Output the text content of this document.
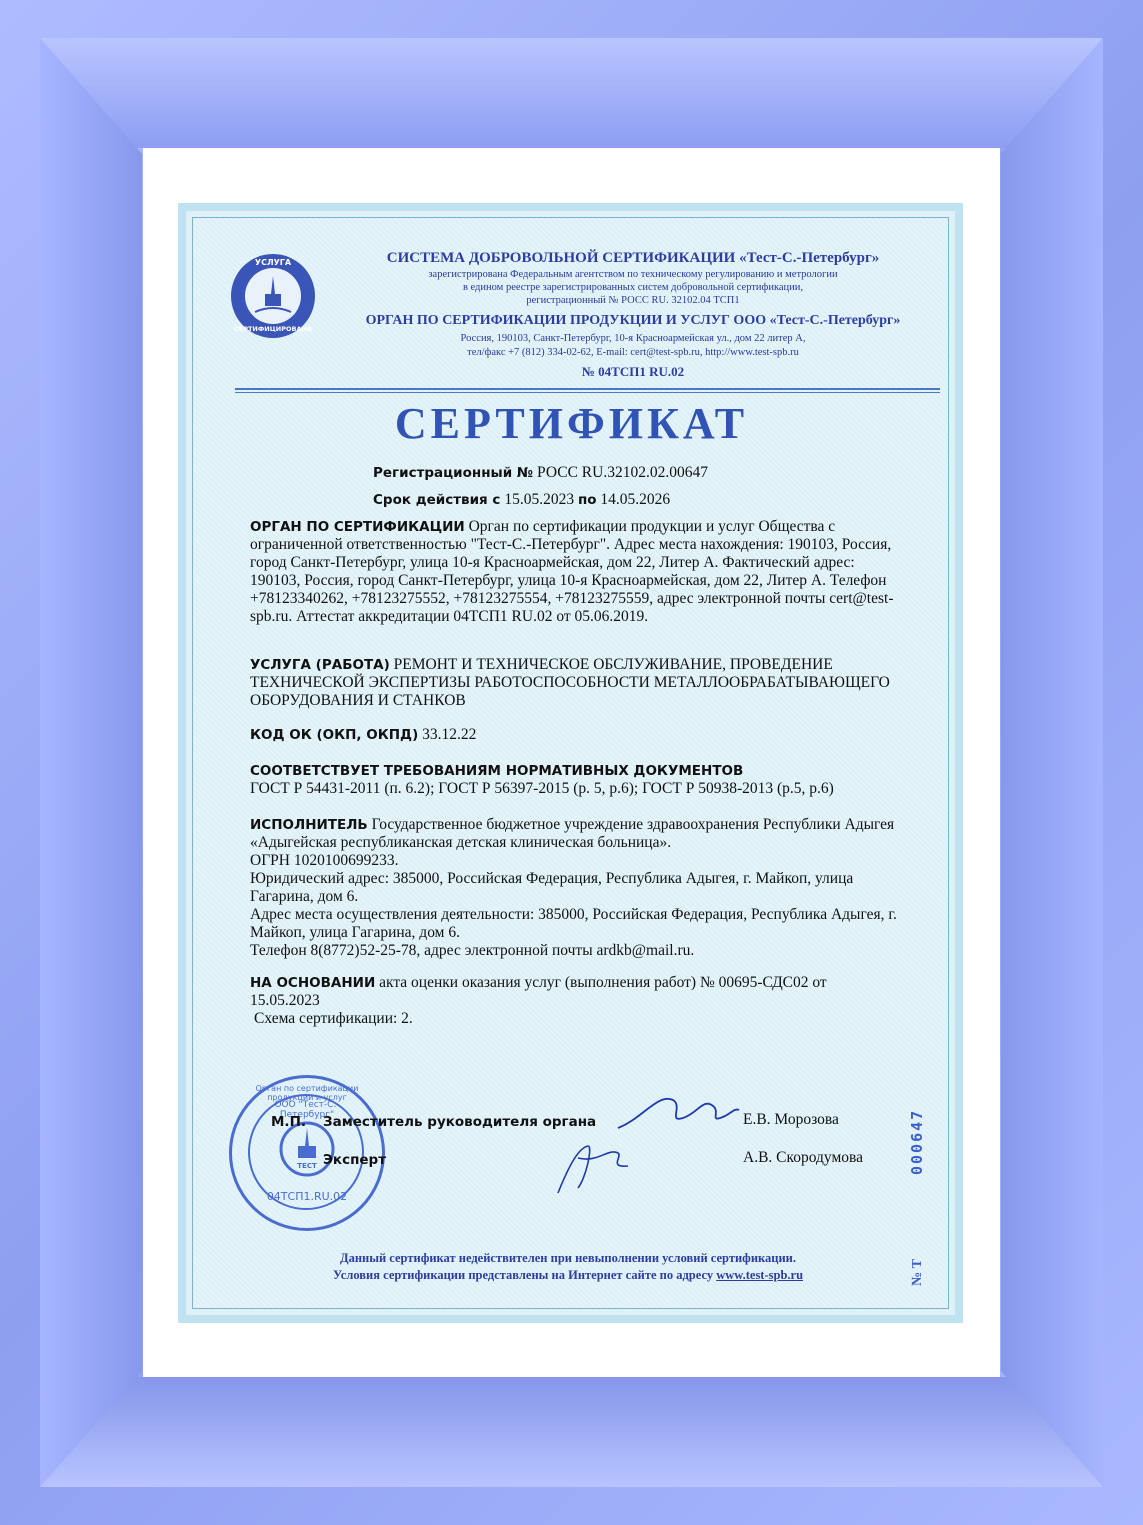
УСЛУГА
СЕРТИФИЦИРОВАНА
СИСТЕМА ДОБРОВОЛЬНОЙ СЕРТИФИКАЦИИ «Тест-С.-Петербург»
зарегистрирована Федеральным агентством по техническому регулированию и метрологии
в едином реестре зарегистрированных систем добровольной сертификации,
регистрационный № РОСС RU. 32102.04 ТСП1
ОРГАН ПО СЕРТИФИКАЦИИ ПРОДУКЦИИ И УСЛУГ ООО «Тест-С.-Петербург»
Россия, 190103, Санкт-Петербург, 10-я Красноармейская ул., дом 22 литер А,
тел/факс +7 (812) 334-02-62, E-mail: cert@test-spb.ru, http://www.test-spb.ru
№ 04ТСП1 RU.02
СЕРТИФИКАТ
Регистрационный № РОСС RU.32102.02.00647
Срок действия с 15.05.2023 по 14.05.2026
ОРГАН ПО СЕРТИФИКАЦИИ Орган по сертификации продукции и услуг Общества с ограниченной ответственностью "Тест-С.-Петербург". Адрес места нахождения: 190103, Россия, город Санкт-Петербург, улица 10-я Красноармейская, дом 22, Литер А. Фактический адрес: 190103, Россия, город Санкт-Петербург, улица 10-я Красноармейская, дом 22, Литер А. Телефон +78123340262, +78123275552, +78123275554, +78123275559, адрес электронной почты cert@test-spb.ru. Аттестат аккредитации 04ТСП1 RU.02 от 05.06.2019.
УСЛУГА (РАБОТА) РЕМОНТ И ТЕХНИЧЕСКОЕ ОБСЛУЖИВАНИЕ, ПРОВЕДЕНИЕ ТЕХНИЧЕСКОЙ ЭКСПЕРТИЗЫ РАБОТОСПОСОБНОСТИ МЕТАЛЛООБРАБАТЫВАЮЩЕГО ОБОРУДОВАНИЯ И СТАНКОВ
КОД ОК (ОКП, ОКПД) 33.12.22
СООТВЕТСТВУЕТ ТРЕБОВАНИЯМ НОРМАТИВНЫХ ДОКУМЕНТОВ
ГОСТ Р 54431-2011 (п. 6.2); ГОСТ Р 56397-2015 (р. 5, р.6); ГОСТ Р 50938-2013 (р.5, р.6)
ИСПОЛНИТЕЛЬ Государственное бюджетное учреждение здравоохранения Республики Адыгея «Адыгейская республиканская детская клиническая больница».
ОГРН 1020100699233.
Юридический адрес: 385000, Российская Федерация, Республика Адыгея, г. Майкоп, улица Гагарина, дом 6.
Адрес места осуществления деятельности: 385000, Российская Федерация, Республика Адыгея, г. Майкоп, улица Гагарина, дом 6.
Телефон 8(8772)52-25-78, адрес электронной почты ardkb@mail.ru.
НА ОСНОВАНИИ акта оценки оказания услуг (выполнения работ) № 00695-СДС02 от 15.05.2023
Схема сертификации: 2.
Орган по сертификации продукции и услуг
ООО "Тест-С.-Петербург"
ТЕСТ
04ТСП1.RU.02
М.П. Заместитель руководителя органа	Е.В. Морозова
Эксперт	А.В. Скородумова	000647
№ Т
Данный сертификат недействителен при невыполнении условий сертификации.
Условия сертификации представлены на Интернет сайте по адресу www.test-spb.ru
